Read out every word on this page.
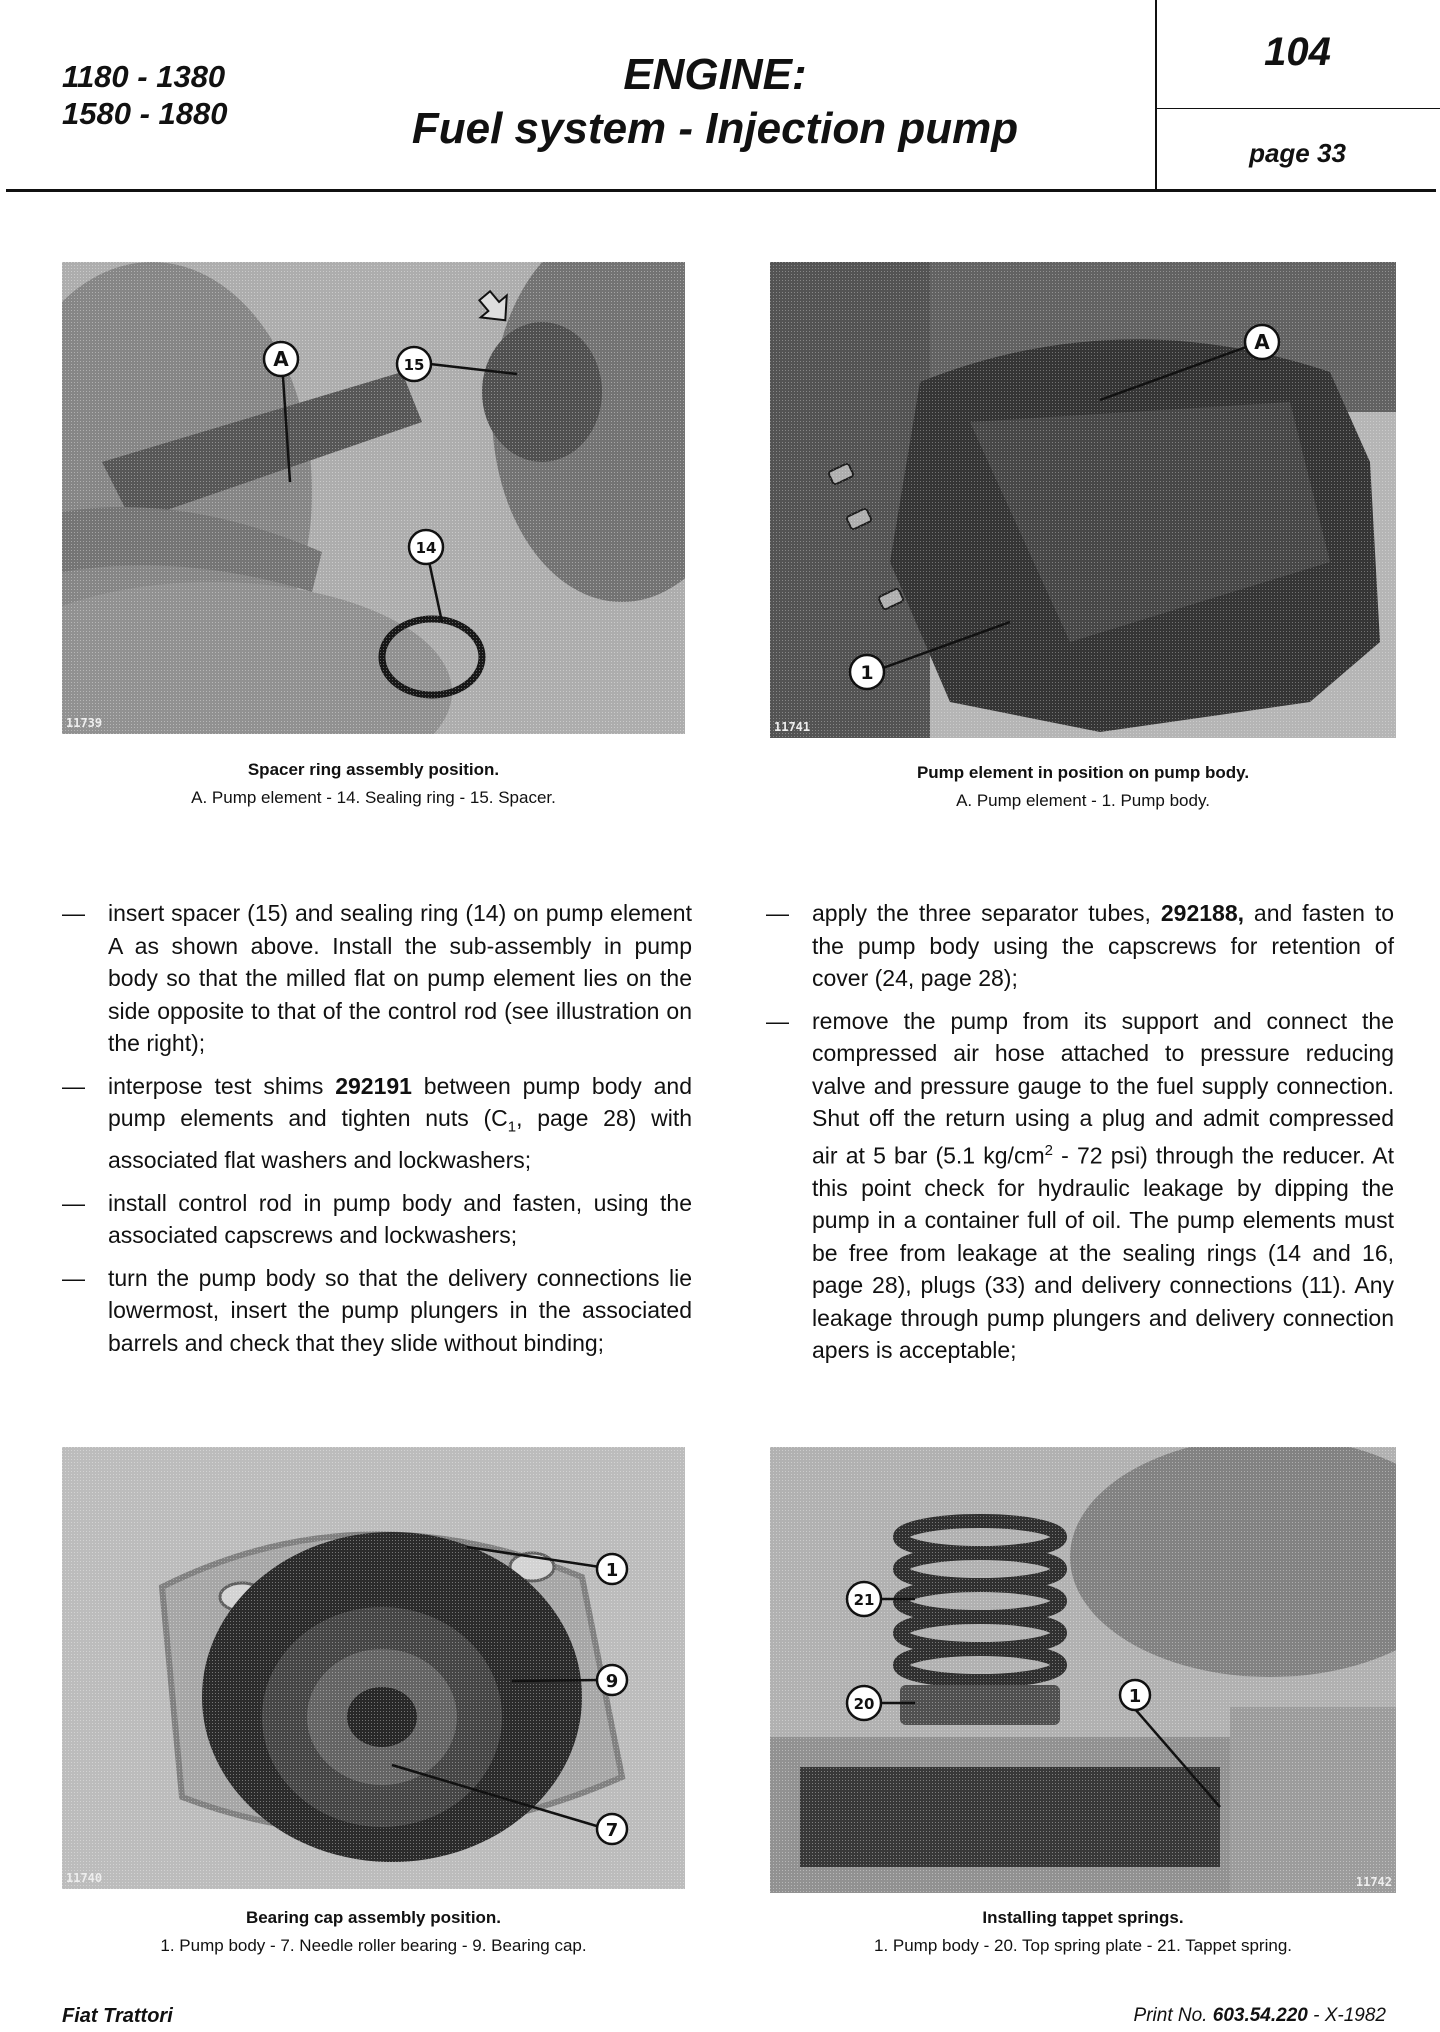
1180 - 1380
1580 - 1880
ENGINE:
Fuel system - Injection pump
104
page 33
A	15
14
11739
Spacer ring assembly position.
A. Pump element - 14. Sealing ring - 15. Spacer.
A
1
11741
Pump element in position on pump body.
A. Pump element - 1. Pump body.
— insert spacer (15) and sealing ring (14) on pump element A as shown above. Install the sub-assembly in pump body so that the milled flat on pump element lies on the side opposite to that of the control rod (see illustration on the right);
— interpose test shims 292191 between pump body and pump elements and tighten nuts ($C_1$, page 28) with associated flat washers and lockwashers;
— install control rod in pump body and fasten, using the associated capscrews and lockwashers;
— turn the pump body so that the delivery connections lie lowermost, insert the pump plungers in the associated barrels and check that they slide without binding;
— apply the three separator tubes, 292188, and fasten to the pump body using the capscrews for retention of cover (24, page 28);
— remove the pump from its support and connect the compressed air hose attached to pressure reducing valve and pressure gauge to the fuel supply connection. Shut off the return using a plug and admit compressed air at 5 bar (5.1 $kg/cm^2 - 72$ psi) through the reducer. At this point check for hydraulic leakage by dipping the pump in a container full of oil. The pump elements must be free from leakage at the sealing rings (14 and 16, page 28), plugs (33) and delivery connections (11). Any leakage through pump plungers and delivery connection apers is acceptable;
1
9
7
11740
Bearing cap assembly position.
1. Pump body - 7. Needle roller bearing - 9. Bearing cap.
21
20	1
11742
Installing tappet springs.
1. Pump body - 20. Top spring plate - 21. Tappet spring.
Fiat Trattori	Print No. 603.54.220 - X-1982
